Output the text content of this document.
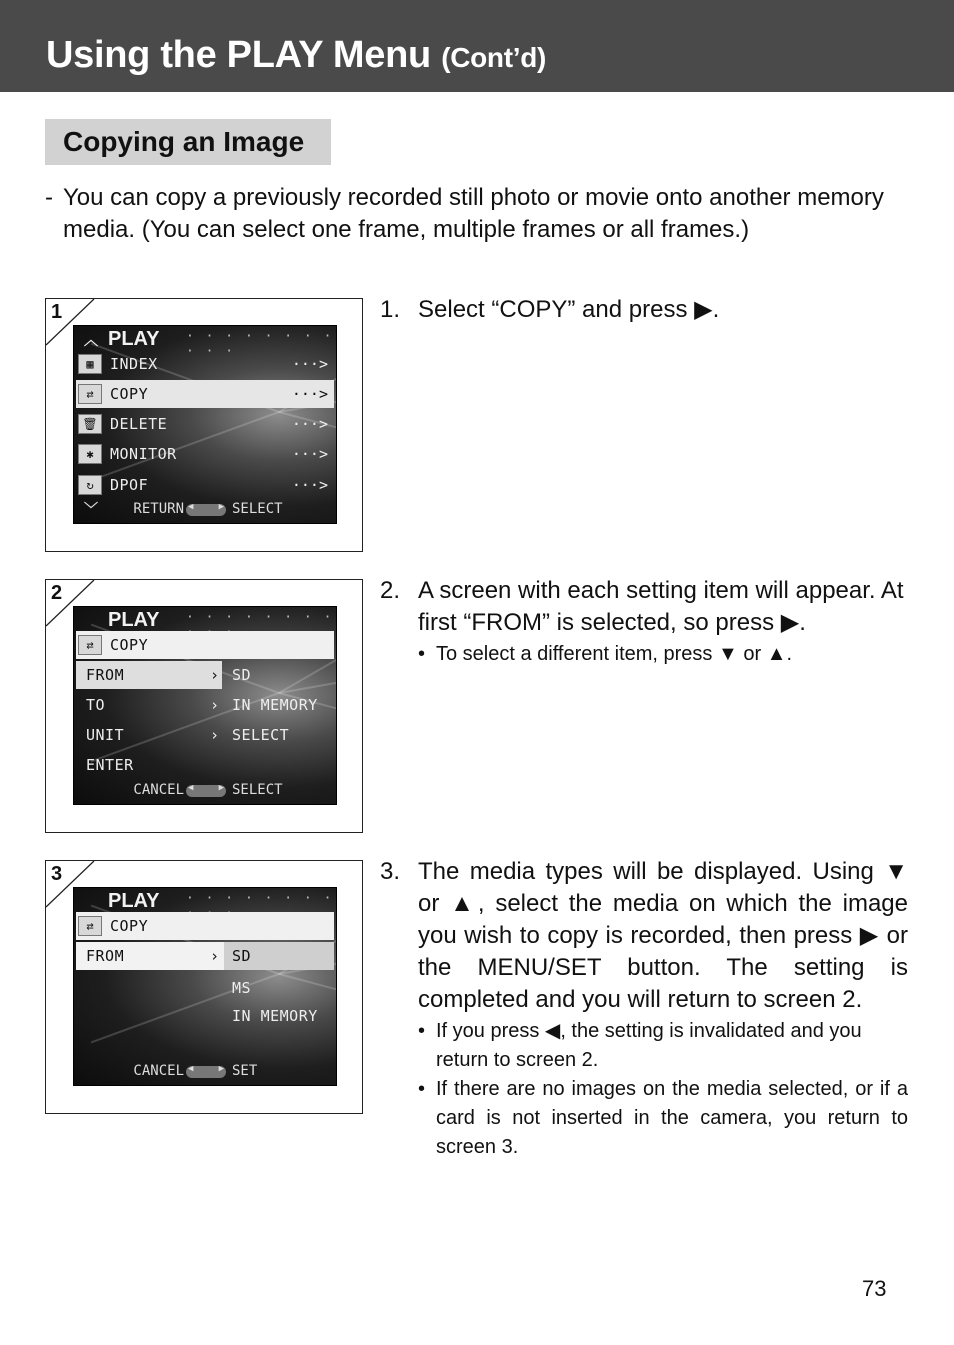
Using the PLAY Menu (Cont’d)
Copying an Image
- You can copy a previously recorded still photo or movie onto another memory media. (You can select one frame, multiple frames or all frames.)
1
︿ PLAY · · · · · · · · · · ·
▦	INDEX	···>
⇄	COPY	···>
🗑 DELETE	···>
✱	MONITOR	···>
↻	DPOF	···>
﹀	RETURN ◀ ▶	SELECT
2
PLAY · · · · · · · ·
⇄	COPY
FROM	› SD
TO	› IN MEMORY
UNIT	› SELECT
ENTER
CANCEL ◀ ▶	SELECT
3
PLAY · · · · · · · ·
⇄	COPY
FROM	› SD
MS
IN MEMORY
CANCEL ◀ ▶	SET
1. Select “COPY” and press ▶.
2. A screen with each setting item will appear. At first “FROM” is selected, so press ▶.
• To select a different item, press ▼ or ▲.
3. The media types will be displayed. Using ▼ or ▲, select the media on which the image you wish to copy is recorded, then press ▶ or the MENU/SET button. The setting is completed and you will return to screen 2.
• If you press ◀, the setting is invalidated and you return to screen 2.
• If there are no images on the media selected, or if a card is not inserted in the camera, you return to screen 3.
73
